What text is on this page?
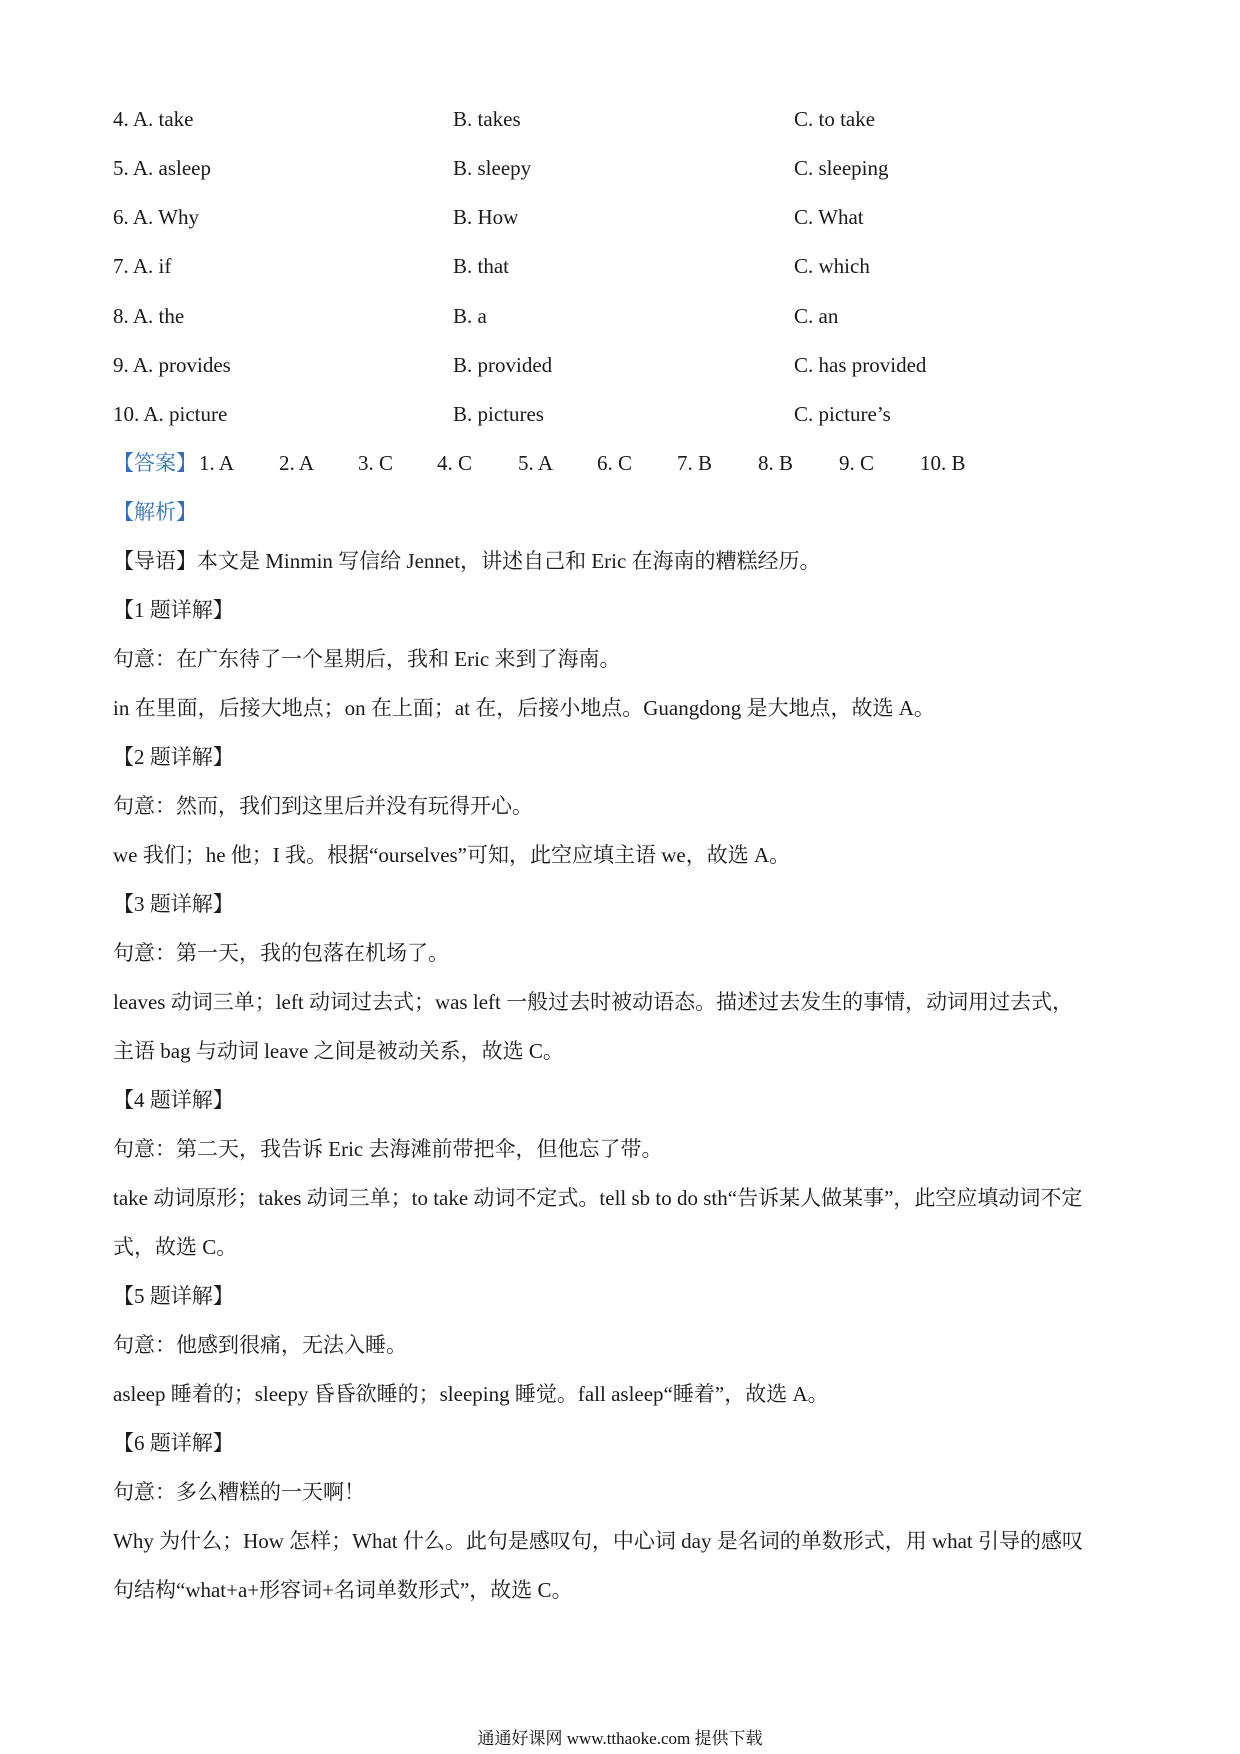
4. A. take	B. takes	C. to take
5. A. asleep	B. sleepy	C. sleeping
6. A. Why	B. How	C. What
7. A. if	B. that	C. which
8. A. the	B. a	C. an
9. A. provides	B. provided	C. has provided
10. A. picture	B. pictures	C. picture’s
【答案】 1. A 2. A 3. C 4. C 5. A 6. C 7. B 8. B 9. C 10. B
【解析】
【导语】本文是 Minmin 写信给 Jennet，讲述自己和 Eric 在海南的糟糕经历。
【1 题详解】
句意：在广东待了一个星期后，我和 Eric 来到了海南。
in 在里面，后接大地点；on 在上面；at 在，后接小地点。Guangdong 是大地点，故选 A。
【2 题详解】
句意：然而，我们到这里后并没有玩得开心。
we 我们；he 他；I 我。根据“ourselves”可知，此空应填主语 we，故选 A。
【3 题详解】
句意：第一天，我的包落在机场了。
leaves 动词三单；left 动词过去式；was left 一般过去时被动语态。描述过去发生的事情，动词用过去式，
主语 bag 与动词 leave 之间是被动关系，故选 C。
【4 题详解】
句意：第二天，我告诉 Eric 去海滩前带把伞，但他忘了带。
take 动词原形；takes 动词三单；to take 动词不定式。tell sb to do sth“告诉某人做某事”，此空应填动词不定
式，故选 C。
【5 题详解】
句意：他感到很痛，无法入睡。
asleep 睡着的；sleepy 昏昏欲睡的；sleeping 睡觉。fall asleep“睡着”，故选 A。
【6 题详解】
句意：多么糟糕的一天啊！
Why 为什么；How 怎样；What 什么。此句是感叹句，中心词 day 是名词的单数形式，用 what 引导的感叹
句结构“what+a+形容词+名词单数形式”，故选 C。
通通好课网 www.tthaoke.com 提供下载
